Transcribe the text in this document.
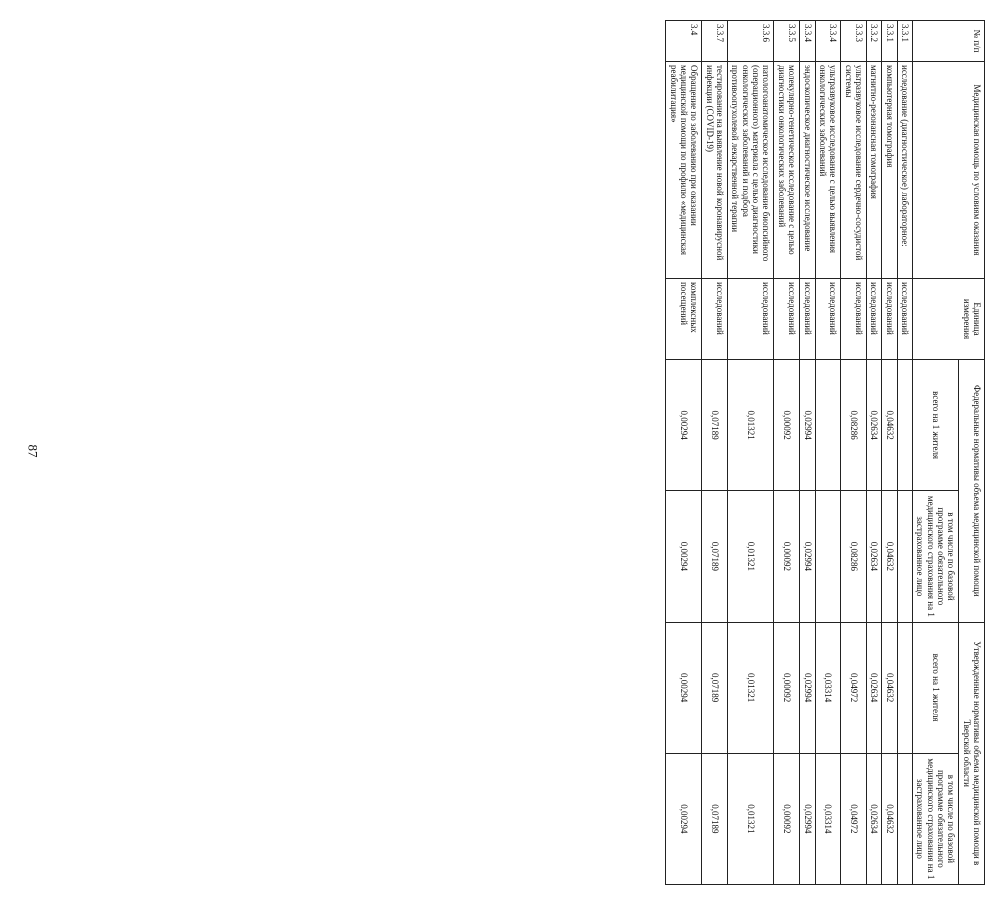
87
№ п/п	Медицинская помощь по условиям оказания	Единица измерения	Федеральные нормативы объема медицинской помощи		Утвержденные нормативы объема медицинской помощи в Тверской области	
			всего на 1 жителя	в том числе по базовой программе обязательного медицинского страхования на 1 застрахованное лицо	всего на 1 жителя	в том числе по базовой программе обязательного медицинского страхования на 1 застрахованное лицо
3.3.1	исследование (диагностическое) лабораторное:	исследований				
3.3.1	компьютерная томография	исследований	0,04632	0,04632	0,04632	0,04632
3.3.2	магнитно-резонансная томография	исследований	0,02634	0,02634	0,02634	0,02634
3.3.3	ультразвуковое исследование сердечно-сосудистой системы	исследований	0,08286	0,08286	0,04972	0,04972
3.3.4	ультразвуковое исследование с целью выявления онкологических заболеваний	исследований			0,03314	0,03314
3.3.4	эндоскопическое диагностическое исследование	исследований	0,02994	0,02994	0,02994	0,02994
3.3.5	молекулярно-генетическое исследование с целью диагностики онкологических заболеваний	исследований	0,00092	0,00092	0,00092	0,00092
3.3.6	патологоанатомическое исследование биопсийного (операционного) материала с целью диагностики онкологических заболеваний и подбора противоопухолевой лекарственной терапии	исследований	0,01321	0,01321	0,01321	0,01321
3.3.7	тестирование на выявление новой коронавирусной инфекции (COVID-19)	исследований	0,07189	0,07189	0,07189	0,07189
3.4	Обращение по заболеванию при оказании медицинской помощи по профилю «медицинская реабилитация»	комплексных посещений	0,00294	0,00294	0,00294	0,00294
